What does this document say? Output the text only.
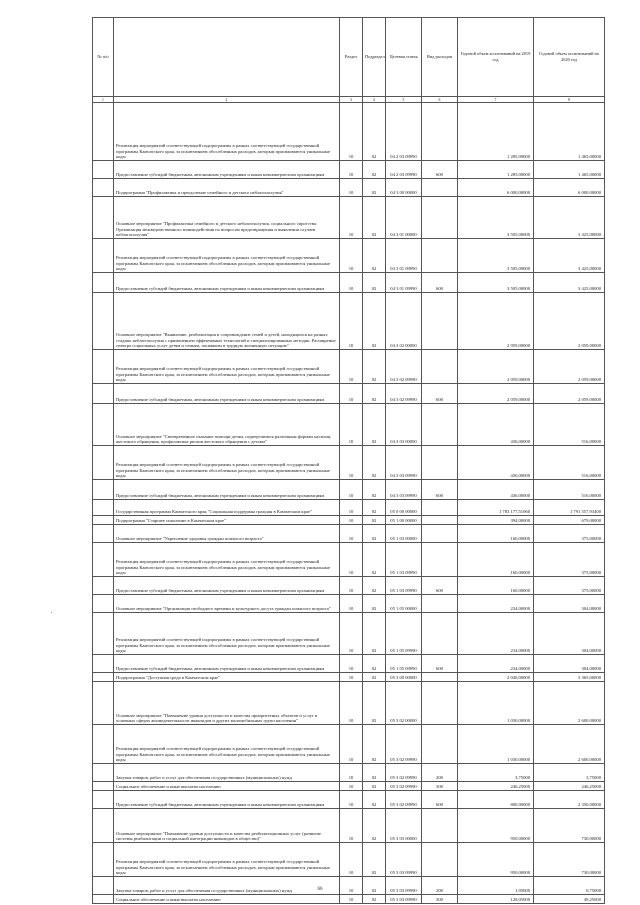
№ п/п		Раздел	Подраздел	Целевая статья	Вид расходов	Годовой объем ассигнований на 2019 год	Годовой объем ассигнований на 2020 год
1	2	3	4	5	6	7	8
	Реализация мероприятий соответствующей подпрограммы в рамках соответствующей государственной программы Камчатского края, за исключением обособленных расходов, которым присваиваются уникальные коды	10	02	04 2 03 09990		1 285,00000	1 465,00000
	Предоставление субсидий бюджетным, автономным учреждениям и иным некоммерческим организациям	10	02	04 2 03 09990	600	1 285,00000	1 465,00000
	Подпрограмма "Профилактика и преодоление семейного и детского неблагополучия"	10	02	04 3 00 00000		6 000,00000	6 000,00000
	Основное мероприятие "Профилактика семейного и детского неблагополучия, социального сиротства. Организация межведомственного взаимодействия по вопросам предотвращения и выявления случаев неблагополучия"	10	02	04 3 01 00000		3 505,00000	3 425,00000
	Реализация мероприятий соответствующей подпрограммы в рамках соответствующей государственной программы Камчатского края, за исключением обособленных расходов, которым присваиваются уникальные коды	10	02	04 3 01 09990		3 505,00000	3 425,00000
	Предоставление субсидий бюджетным, автономным учреждениям и иным некоммерческим организациям	10	02	04 3 01 09990	600	3 505,00000	3 425,00000
	Основное мероприятие "Выявление, реабилитация и сопровождение семей и детей, находящихся на разных стадиях неблагополучия с применением эффективных технологий и специализированных методик. Расширение спектра социальных услуг детям и семьям, попавшим в трудную жизненную ситуацию"	10	02	04 3 02 00000		2 059,00000	2 059,00000
	Реализация мероприятий соответствующей подпрограммы в рамках соответствующей государственной программы Камчатского края, за исключением обособленных расходов, которым присваиваются уникальные коды	10	02	04 3 02 09990		2 059,00000	2 059,00000
	Предоставление субсидий бюджетным, автономным учреждениям и иным некоммерческим организациям	10	02	04 3 02 09990	600	2 059,00000	2 059,00000
	Основное мероприятие "Своевременное оказание помощи детям, подвергшимся различным формам насилия, жестокого обращения, профилактика рисков жестокого обращения с детьми"	10	02	04 3 03 00000		436,00000	516,00000
	Реализация мероприятий соответствующей подпрограммы в рамках соответствующей государственной программы Камчатского края, за исключением обособленных расходов, которым присваиваются уникальные коды	10	02	04 3 03 09990		436,00000	516,00000
	Предоставление субсидий бюджетным, автономным учреждениям и иным некоммерческим организациям	10	02	04 3 03 09990	600	436,00000	516,00000
	Государственная программа Камчатского края "Социальная поддержка граждан в Камчатском крае"	10	02	05 0 00 00000		1 783 177,51060	1 791 557,93400
	Подпрограмма "Старшее поколение в Камчатском крае"	10	02	05 1 00 00000		394,00000	679,00000
	Основное мероприятие "Укрепление здоровья граждан пожилого возраста"	10	02	05 1 03 00000		160,00000	375,00000
	Реализация мероприятий соответствующей подпрограммы в рамках соответствующей государственной программы Камчатского края, за исключением обособленных расходов, которым присваиваются уникальные коды	10	02	05 1 03 09990		160,00000	375,00000
	Предоставление субсидий бюджетным, автономным учреждениям и иным некоммерческим организациям	10	02	05 1 03 09990	600	160,00000	375,00000
	Основное мероприятие "Организация свободного времени и культурного досуга граждан пожилого возраста"	10	02	05 1 05 00000		234,00000	304,00000
	Реализация мероприятий соответствующей подпрограммы в рамках соответствующей государственной программы Камчатского края, за исключением обособленных расходов, которым присваиваются уникальные коды	10	02	05 1 05 09990		234,00000	304,00000
	Предоставление субсидий бюджетным, автономным учреждениям и иным некоммерческим организациям	10	02	05 1 05 09990	600	234,00000	304,00000
	Подпрограмма "Доступная среда в Камчатском крае"	10	02	05 3 00 00000		2 040,00000	3 365,00000
	Основное мероприятие "Повышение уровня доступности и качества приоритетных объектов и услуг в основных сферах жизнедеятельности инвалидов и других маломобильных групп населения"	10	02	05 3 02 00000		1 030,00000	2 600,00000
	Реализация мероприятий соответствующей подпрограммы в рамках соответствующей государственной программы Камчатского края, за исключением обособленных расходов, которым присваиваются уникальные коды	10	02	05 3 02 09990		1 030,00000	2 600,00000
	Закупка товаров, работ и услуг для обеспечения государственных (муниципальных) нужд	10	02	05 3 02 09990	200	3,75000	3,75000
	Социальное обеспечение и иные выплаты населению	10	02	05 3 02 09990	300	246,25000	246,25000
	Предоставление субсидий бюджетным, автономным учреждениям и иным некоммерческим организациям	10	02	05 3 02 09990	600	800,00000	2 350,00000
	Основное мероприятие "Повышение уровня доступности и качества реабилитационных услуг (развитие системы реабилитации и социальной интеграции инвалидов в общество)"	10	02	05 3 03 00000		950,00000	730,00000
	Реализация мероприятий соответствующей подпрограммы в рамках соответствующей государственной программы Камчатского края, за исключением обособленных расходов, которым присваиваются уникальные коды	10	02	05 3 03 09990		950,00000	730,00000
	Закупка товаров, работ и услуг для обеспечения государственных (муниципальных) нужд	10	02	05 3 03 09990	200	1,95000	0,75000
	Социальное обеспечение и иные выплаты населению	10	02	05 3 03 09990	300	128,05000	49,25000
66
